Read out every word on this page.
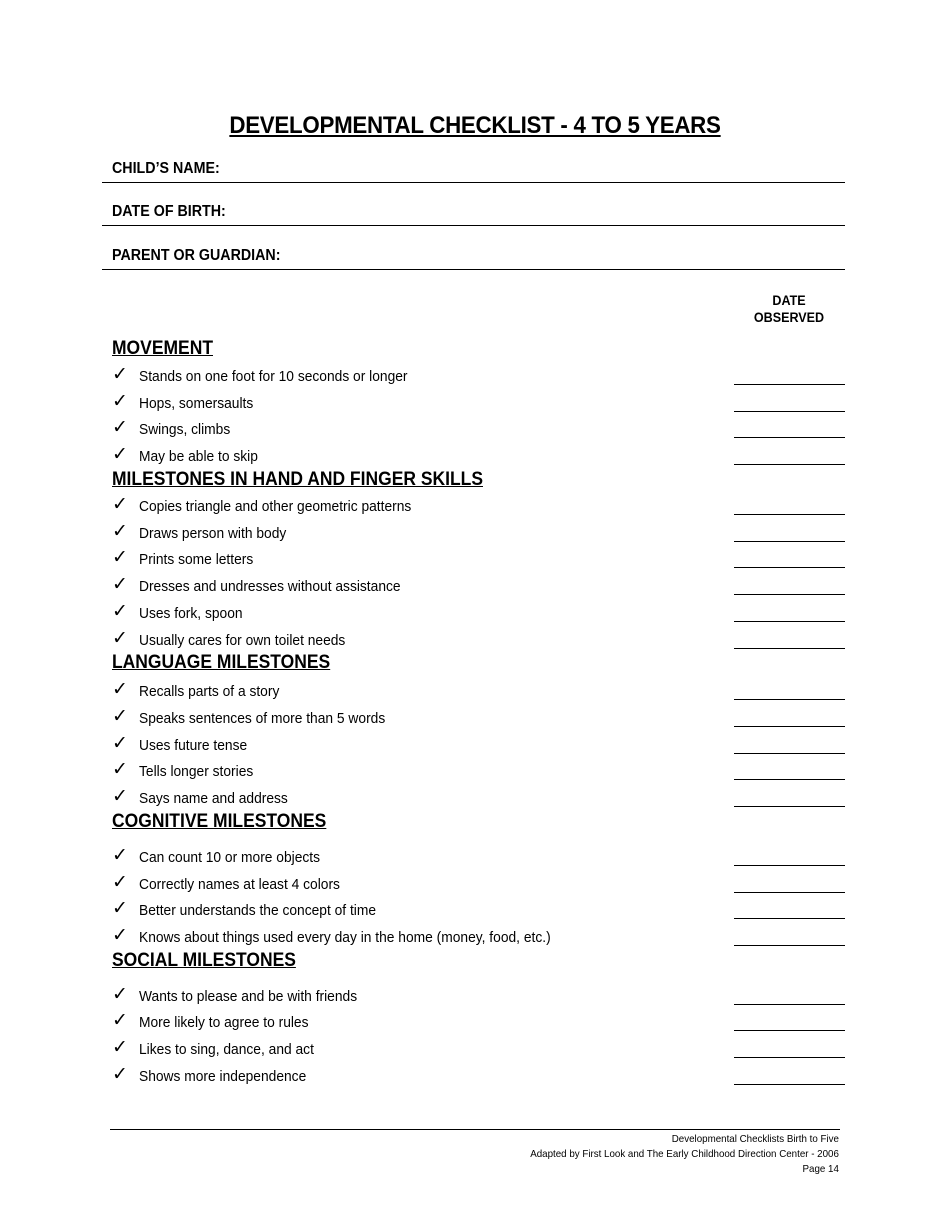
DEVELOPMENTAL CHECKLIST - 4 TO 5 YEARS
CHILD’S NAME:
DATE OF BIRTH:
PARENT OR GUARDIAN:
DATE
OBSERVED
MOVEMENT
✓ Stands on one foot for 10 seconds or longer
✓ Hops, somersaults
✓ Swings, climbs
✓ May be able to skip
MILESTONES IN HAND AND FINGER SKILLS
✓ Copies triangle and other geometric patterns
✓ Draws person with body
✓ Prints some letters
✓ Dresses and undresses without assistance
✓ Uses fork, spoon
✓ Usually cares for own toilet needs
LANGUAGE MILESTONES
✓ Recalls parts of a story
✓ Speaks sentences of more than 5 words
✓ Uses future tense
✓ Tells longer stories
✓ Says name and address
COGNITIVE MILESTONES
✓ Can count 10 or more objects
✓ Correctly names at least 4 colors
✓ Better understands the concept of time
✓ Knows about things used every day in the home (money, food, etc.)
SOCIAL MILESTONES
✓ Wants to please and be with friends
✓ More likely to agree to rules
✓ Likes to sing, dance, and act
✓ Shows more independence
Developmental Checklists Birth to Five
Adapted by First Look and The Early Childhood Direction Center - 2006
Page 14
